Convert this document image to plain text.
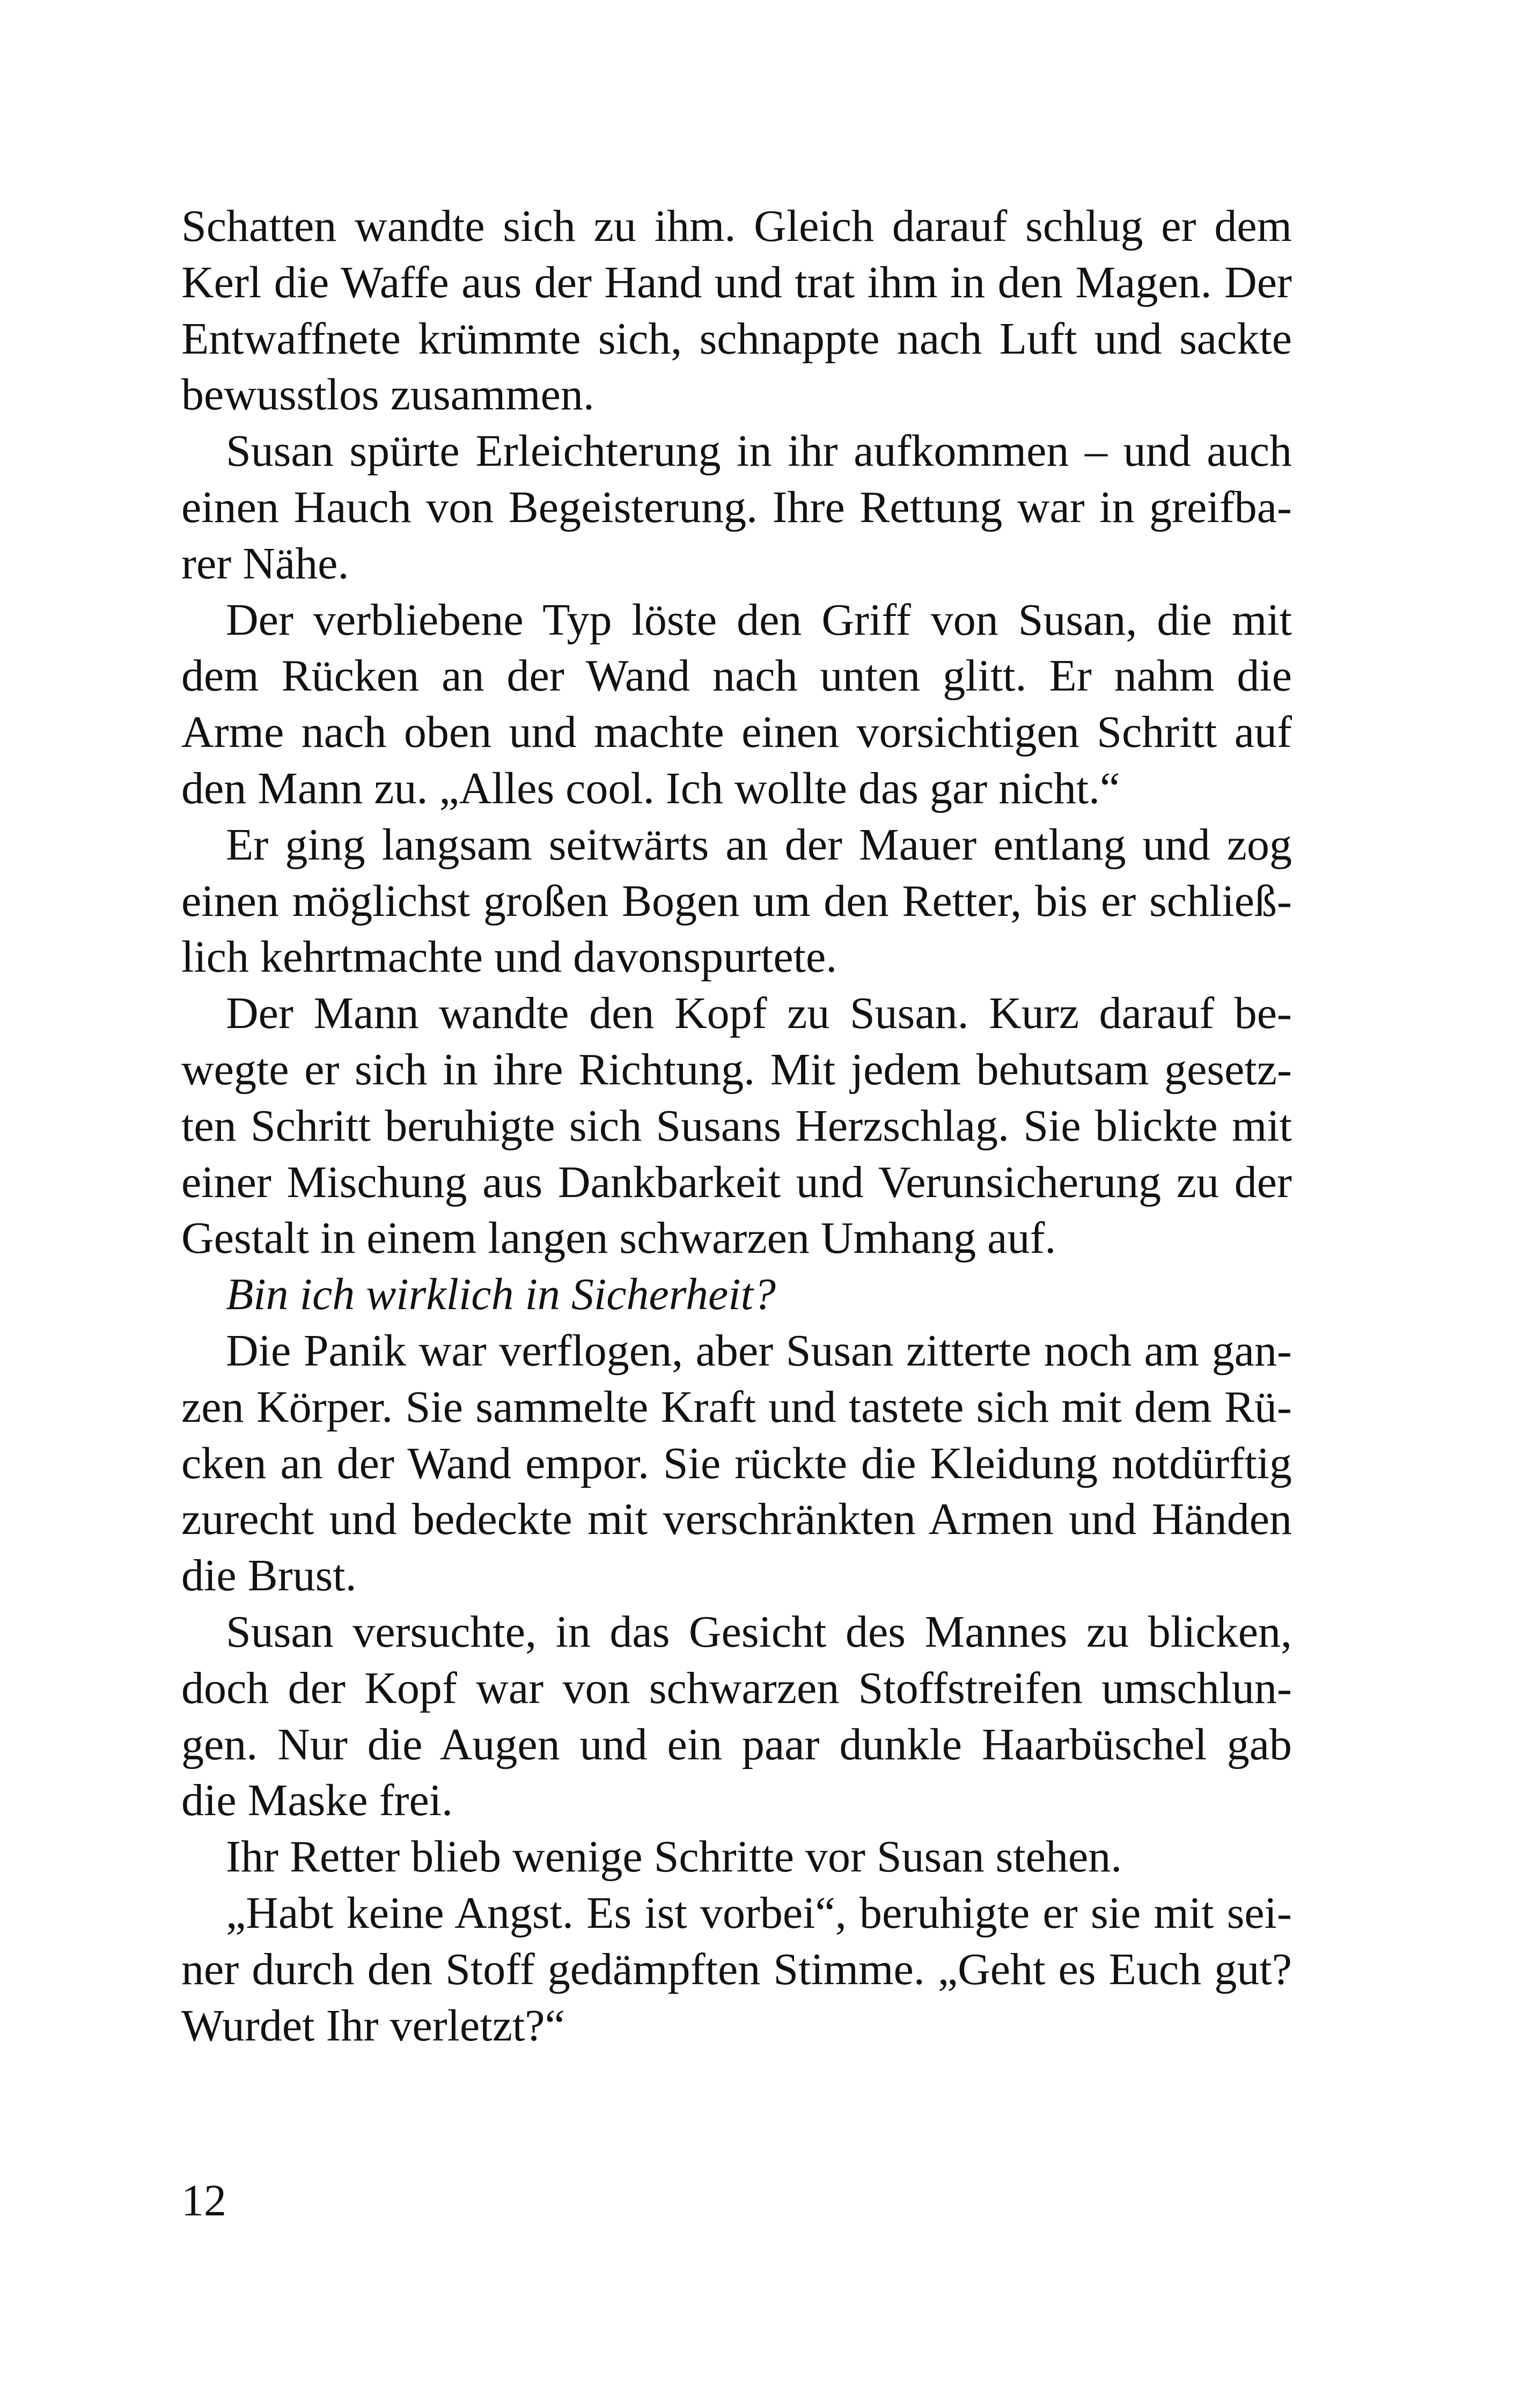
Schatten wandte sich zu ihm. Gleich darauf schlug er dem
Kerl die Waffe aus der Hand und trat ihm in den Magen. Der
Entwaffnete krümmte sich, schnappte nach Luft und sackte
bewusstlos zusammen.
Susan spürte Erleichterung in ihr aufkommen – und auch
einen Hauch von Begeisterung. Ihre Rettung war in greifba-
rer Nähe.
Der verbliebene Typ löste den Griff von Susan, die mit
dem Rücken an der Wand nach unten glitt. Er nahm die
Arme nach oben und machte einen vorsichtigen Schritt auf
den Mann zu. „Alles cool. Ich wollte das gar nicht.“
Er ging langsam seitwärts an der Mauer entlang und zog
einen möglichst großen Bogen um den Retter, bis er schließ-
lich kehrtmachte und davonspurtete.
Der Mann wandte den Kopf zu Susan. Kurz darauf be-
wegte er sich in ihre Richtung. Mit jedem behutsam gesetz-
ten Schritt beruhigte sich Susans Herzschlag. Sie blickte mit
einer Mischung aus Dankbarkeit und Verunsicherung zu der
Gestalt in einem langen schwarzen Umhang auf.
Bin ich wirklich in Sicherheit?
Die Panik war verflogen, aber Susan zitterte noch am gan-
zen Körper. Sie sammelte Kraft und tastete sich mit dem Rü-
cken an der Wand empor. Sie rückte die Kleidung notdürftig
zurecht und bedeckte mit verschränkten Armen und Händen
die Brust.
Susan versuchte, in das Gesicht des Mannes zu blicken,
doch der Kopf war von schwarzen Stoffstreifen umschlun-
gen. Nur die Augen und ein paar dunkle Haarbüschel gab
die Maske frei.
Ihr Retter blieb wenige Schritte vor Susan stehen.
„Habt keine Angst. Es ist vorbei“, beruhigte er sie mit sei-
ner durch den Stoff gedämpften Stimme. „Geht es Euch gut?
Wurdet Ihr verletzt?“
12
